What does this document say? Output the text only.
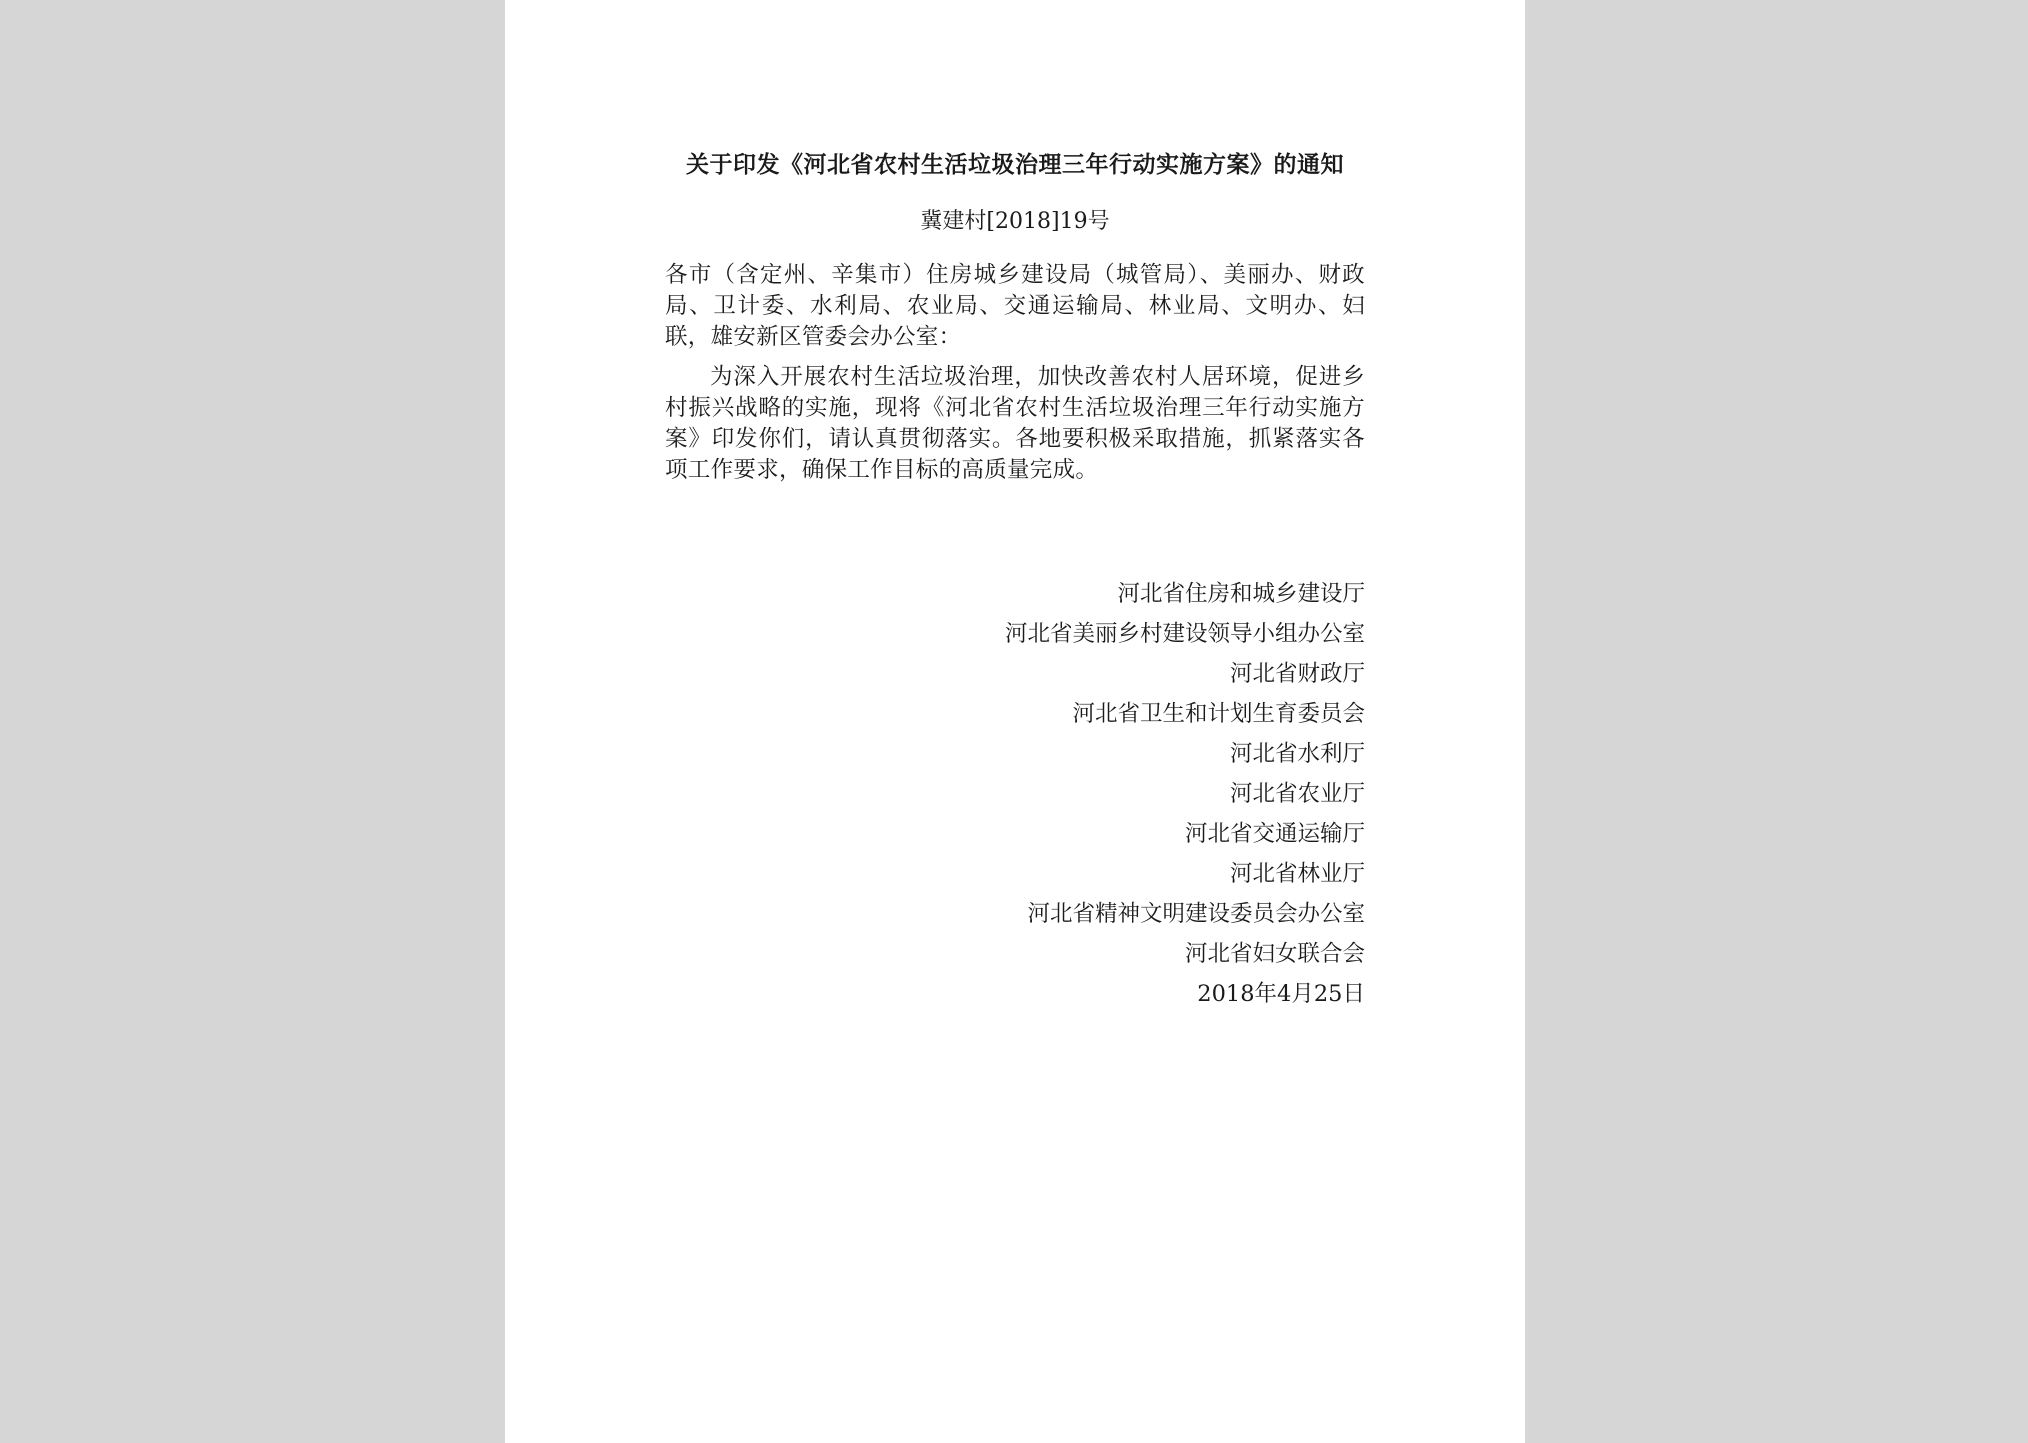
关于印发《河北省农村生活垃圾治理三年行动实施方案》的通知
冀建村[2018]19号
各市（含定州、辛集市）住房城乡建设局（城管局）、美丽办、财政局、卫计委、水利局、农业局、交通运输局、林业局、文明办、妇联，雄安新区管委会办公室：
为深入开展农村生活垃圾治理，加快改善农村人居环境，促进乡村振兴战略的实施，现将《河北省农村生活垃圾治理三年行动实施方案》印发你们，请认真贯彻落实。各地要积极采取措施，抓紧落实各项工作要求，确保工作目标的高质量完成。
河北省住房和城乡建设厅
河北省美丽乡村建设领导小组办公室
河北省财政厅
河北省卫生和计划生育委员会
河北省水利厅
河北省农业厅
河北省交通运输厅
河北省林业厅
河北省精神文明建设委员会办公室
河北省妇女联合会
2018年4月25日
